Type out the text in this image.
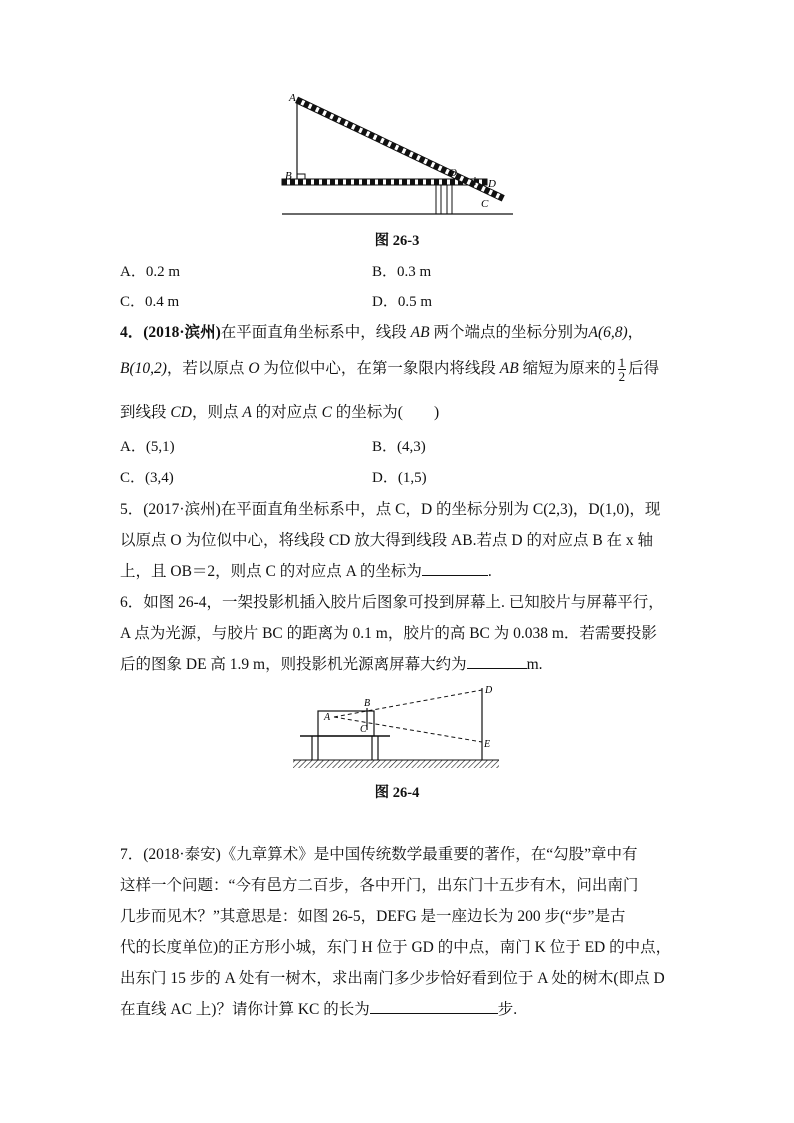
A
B	O
D
C
图 26-3
A．0.2 m	B．0.3 m
C．0.4 m	D．0.5 m
4．(2018·滨州)在平面直角坐标系中，线段 AB 两个端点的坐标分别为A(6,8)，
B(10,2)，若以原点 O 为位似中心，在第一象限内将线段 AB 缩短为原来的 $\frac{1}{2}$ 后得
到线段 CD，则点 A 的对应点 C 的坐标为(　　)
A．(5,1)	B．(4,3)
C．(3,4)	D．(1,5)
5．(2017·滨州)在平面直角坐标系中，点 C，D 的坐标分别为 C(2,3)，D(1,0)，现
以原点 O 为位似中心，将线段 CD 放大得到线段 AB.若点 D 的对应点 B 在 x 轴
上，且 OB＝2，则点 C 的对应点 A 的坐标为	.
6．如图 26-4，一架投影机插入胶片后图象可投到屏幕上. 已知胶片与屏幕平行，
A 点为光源，与胶片 BC 的距离为 0.1 m，胶片的高 BC 为 0.038 m．若需要投影
后的图象 DE 高 1.9 m，则投影机光源离屏幕大约为	m.
A
B
C
D
E
图 26-4
7．(2018·泰安)《九章算术》是中国传统数学最重要的著作，在“勾股”章中有
这样一个问题：“今有邑方二百步，各中开门，出东门十五步有木，问出南门
几步而见木？”其意思是：如图 26-5，DEFG 是一座边长为 200 步(“步”是古
代的长度单位)的正方形小城，东门 H 位于 GD 的中点，南门 K 位于 ED 的中点，
出东门 15 步的 A 处有一树木，求出南门多少步恰好看到位于 A 处的树木(即点 D
在直线 AC 上)？请你计算 KC 的长为	步.
